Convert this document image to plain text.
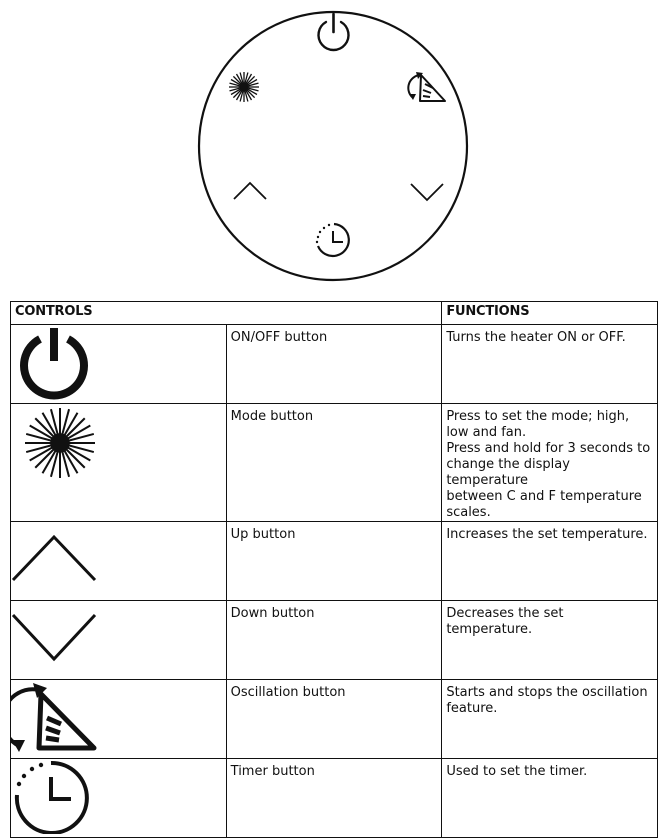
CONTROLS		FUNCTIONS

	ON/OFF button	Turns the heater ON or OFF.

	Mode button	Press to set the mode; high, low and fan.
Press and hold for 3 seconds to change the display temperature
between C and F temperature scales.

	Up button	Increases the set temperature.

	Down button	Decreases the set temperature.

	Oscillation button	Starts and stops the oscillation feature.

	Timer button	Used to set the timer.
